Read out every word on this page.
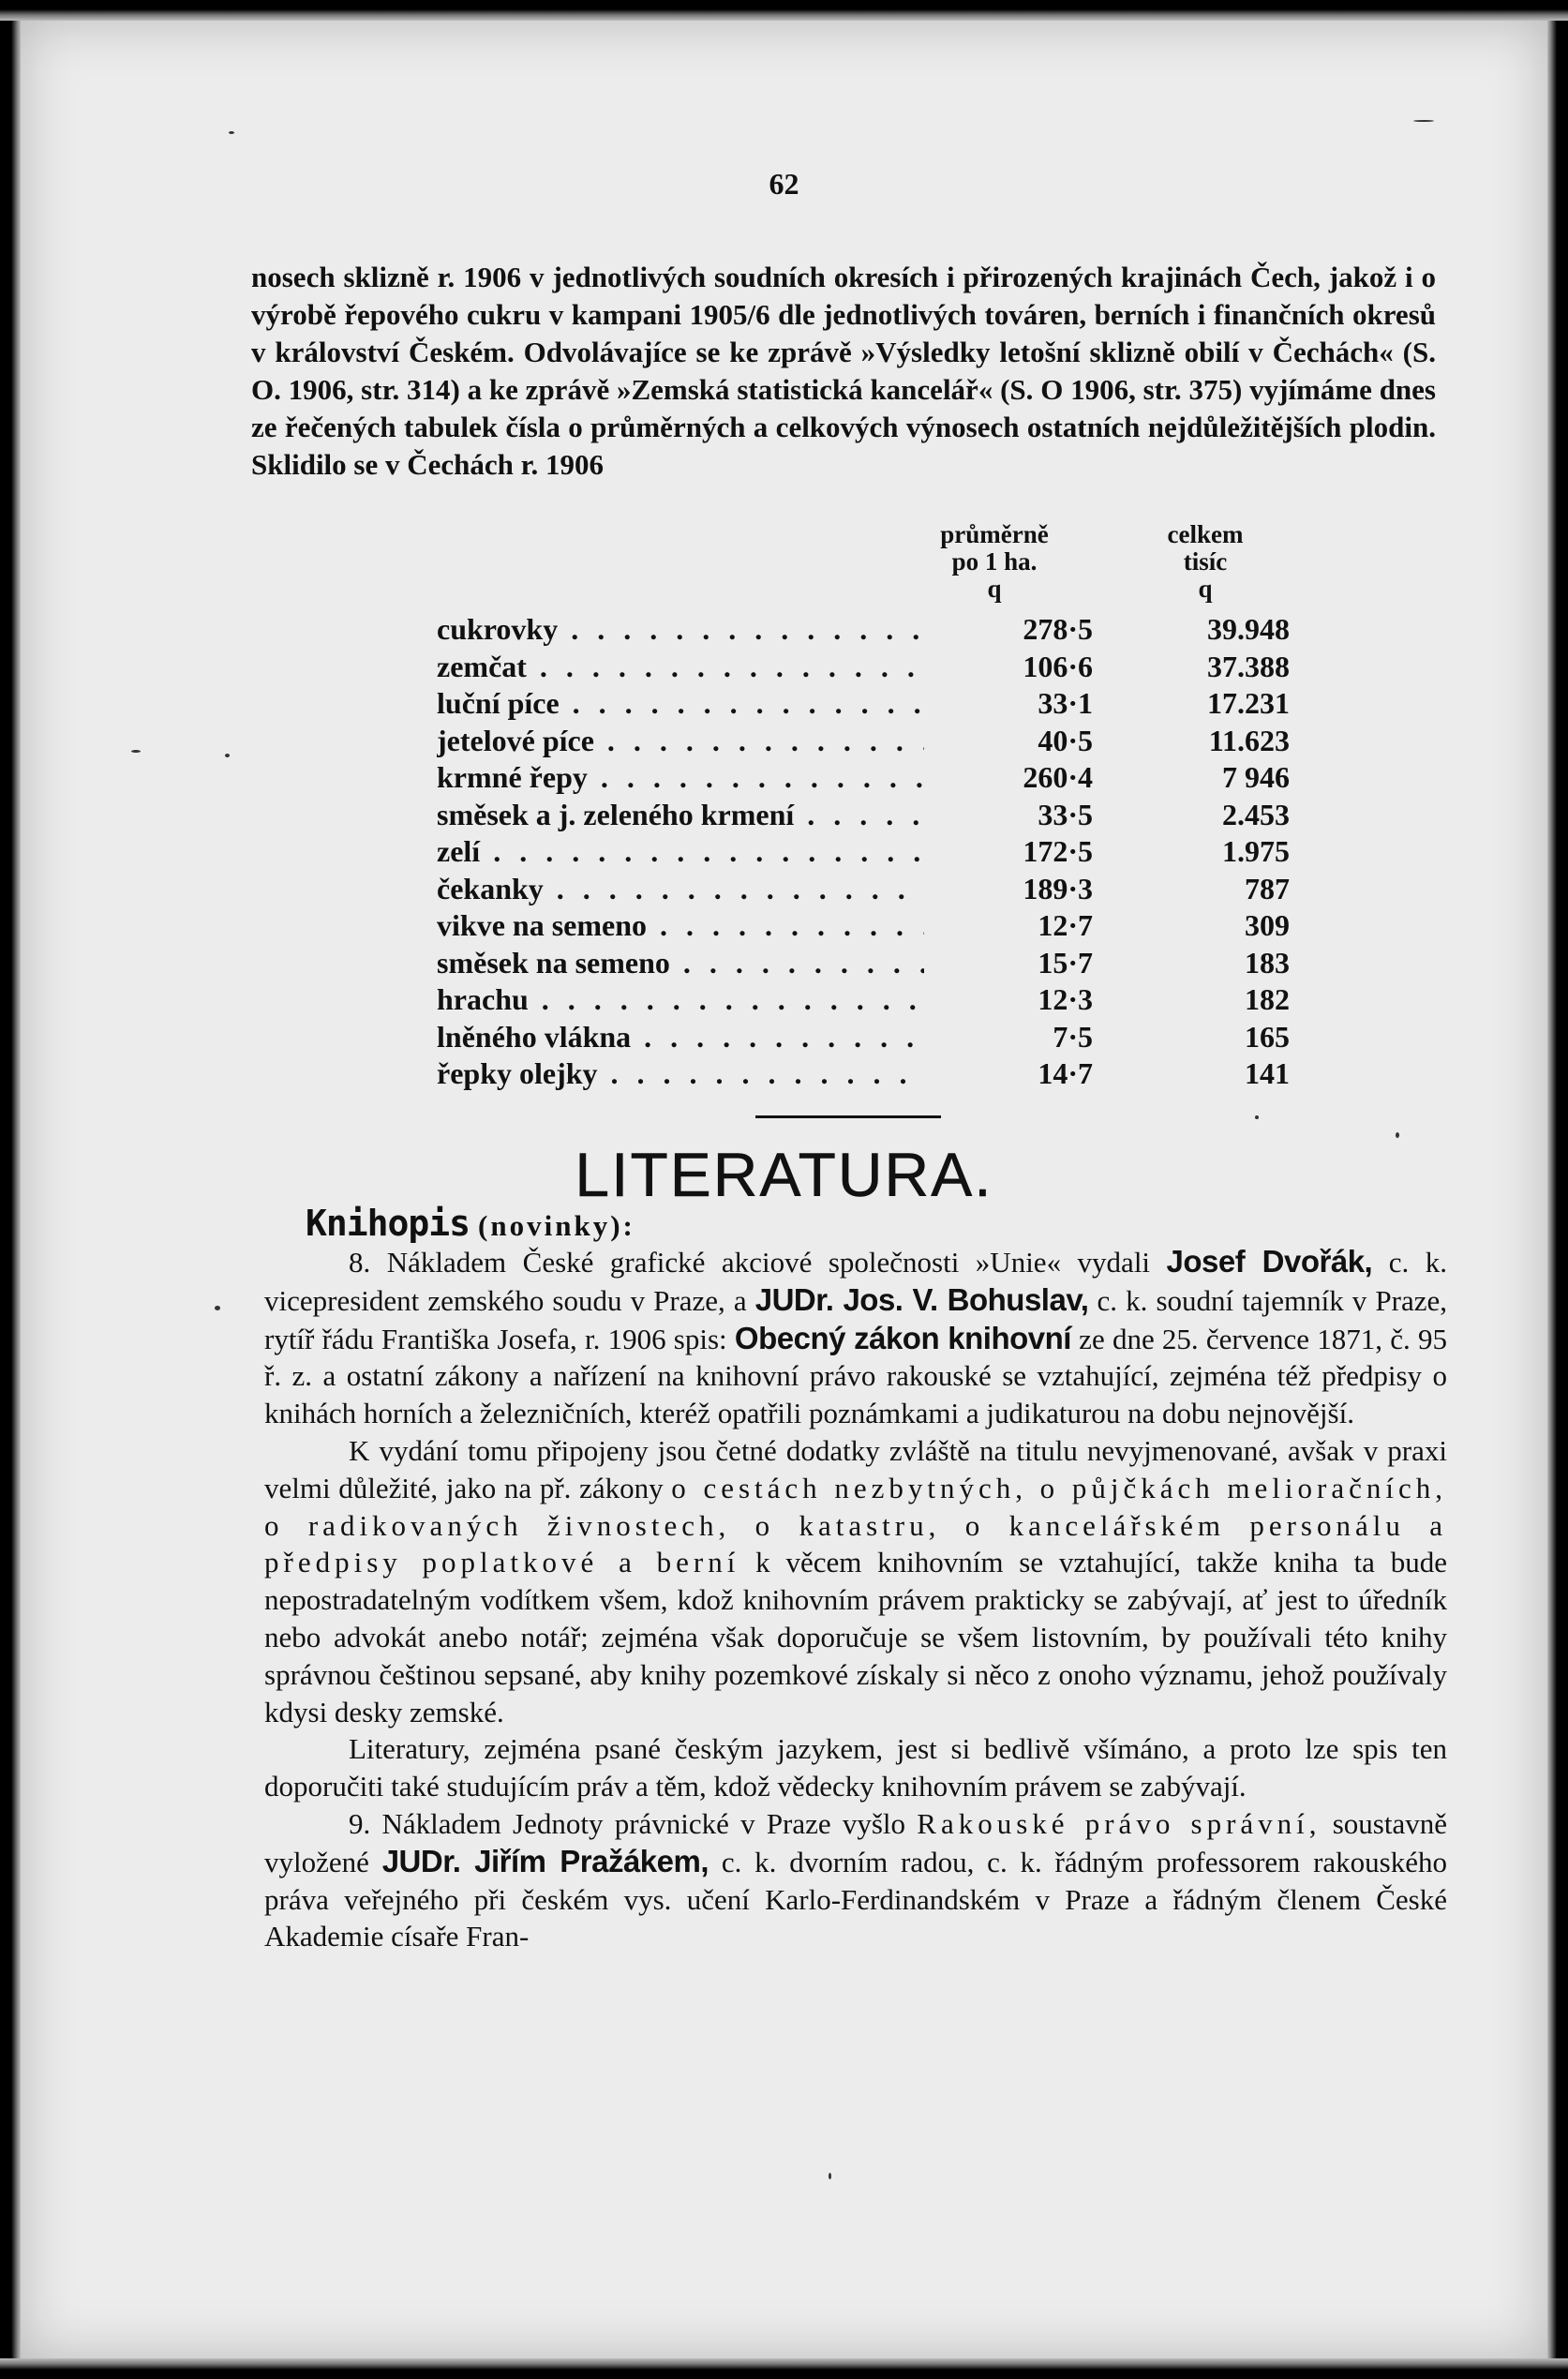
62

nosech sklizně r. 1906 v jednotlivých soudních okresích i přirozených krajinách Čech, jakož i o výrobě řepového cukru v kampani 1905/6 dle jednotlivých továren, berních i finančních okresů v království Českém. Odvolávajíce se ke zprávě »Výsledky letošní sklizně obilí v Čechách« (S. O. 1906, str. 314) a ke zprávě »Zemská statistická kancelář« (S. O 1906, str. 375) vyjímáme dnes ze řečených tabulek čísla o průměrných a celkových výnosech ostatních nejdůležitějších plodin. Sklidilo se v Čechách r. 1906

průměrně
po 1 ha.
q
celkem
tisíc
q
cukrovky . . .	278·5	39.948
zemčat . . .	106·6	37.388
luční píce . . .	33·1	17.231
jetelové píce . . .	40·5	11.623
krmné řepy . . .	260·4	7 946
směsek a j. zeleného krmení . . .	33·5	2.453
zelí . . .	172·5	1.975
čekanky . . .	189·3	787
vikve na semeno . . .	12·7	309
směsek na semeno . . .	15·7	183
hrachu . . .	12·3	182
lněného vlákna . . .	7·5	165
řepky olejky . . .	14·7	141
LITERATURA.
Knihopis (novinky):

8. Nákladem České grafické akciové společnosti »Unie« vydali Josef Dvořák, c. k. vicepresident zemského soudu v Praze, a JUDr. Jos. V. Bohuslav, c. k. soudní tajemník v Praze, rytíř řádu Františka Josefa, r. 1906 spis: Obecný zákon knihovní ze dne 25. července 1871, č. 95 ř. z. a ostatní zákony a nařízení na knihovní právo rakouské se vztahující, zejména též předpisy o knihách horních a železničních, kteréž opatřili poznámkami a judikaturou na dobu nejnovější.

K vydání tomu připojeny jsou četné dodatky zvláště na titulu nevyjmenované, avšak v praxi velmi důležité, jako na př. zákony o cestách nezbytných, o půjčkách melioračních, o radikovaných živnostech, o katastru, o kancelářském personálu a předpisy poplatkové a berní k věcem knihovním se vztahující, takže kniha ta bude nepostradatelným vodítkem všem, kdož knihovním právem prakticky se zabývají, ať jest to úředník nebo advokát anebo notář; zejména však doporučuje se všem listovním, by používali této knihy správnou češtinou sepsané, aby knihy pozemkové získaly si něco z onoho významu, jehož používaly kdysi desky zemské.

Literatury, zejména psané českým jazykem, jest si bedlivě všímáno, a proto lze spis ten doporučiti také studujícím práv a těm, kdož vědecky knihovním právem se zabývají.

9. Nákladem Jednoty právnické v Praze vyšlo Rakouské právo správní, soustavně vyložené JUDr. Jiřím Pražákem, c. k. dvorním radou, c. k. řádným professorem rakouského práva veřejného při českém vys. učení Karlo-Ferdinandském v Praze a řádným členem České Akademie císaře Fran-
